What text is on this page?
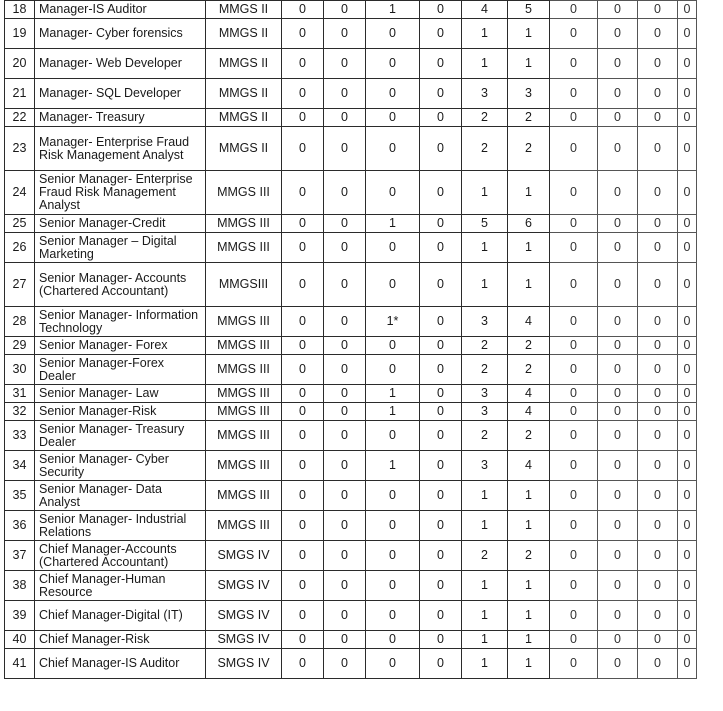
18	Manager-IS Auditor	MMGS II	0	0	1	0	4	5	0	0	0	0	
19	Manager- Cyber forensics	MMGS II	0	0	0	0	1	1	0	0	0	0	
20	Manager- Web Developer	MMGS II	0	0	0	0	1	1	0	0	0	0	
21	Manager- SQL Developer	MMGS II	0	0	0	0	3	3	0	0	0	0	
22	Manager- Treasury	MMGS II	0	0	0	0	2	2	0	0	0	0	
23	Manager- Enterprise Fraud Risk Management Analyst	MMGS II	0	0	0	0	2	2	0	0	0	0	
24	Senior Manager- Enterprise Fraud Risk Management Analyst	MMGS III	0	0	0	0	1	1	0	0	0	0	
25	Senior Manager-Credit	MMGS III	0	0	1	0	5	6	0	0	0	0	
26	Senior Manager – Digital Marketing	MMGS III	0	0	0	0	1	1	0	0	0	0	
27	Senior Manager- Accounts (Chartered Accountant)	MMGSIII	0	0	0	0	1	1	0	0	0	0	
28	Senior Manager- Information Technology	MMGS III	0	0	1*	0	3	4	0	0	0	0	
29	Senior Manager- Forex	MMGS III	0	0	0	0	2	2	0	0	0	0	
30	Senior Manager-Forex Dealer	MMGS III	0	0	0	0	2	2	0	0	0	0	
31	Senior Manager- Law	MMGS III	0	0	1	0	3	4	0	0	0	0	
32	Senior Manager-Risk	MMGS III	0	0	1	0	3	4	0	0	0	0	
33	Senior Manager- Treasury Dealer	MMGS III	0	0	0	0	2	2	0	0	0	0	
34	Senior Manager- Cyber Security	MMGS III	0	0	1	0	3	4	0	0	0	0	
35	Senior Manager- Data Analyst	MMGS III	0	0	0	0	1	1	0	0	0	0	
36	Senior Manager- Industrial Relations	MMGS III	0	0	0	0	1	1	0	0	0	0	
37	Chief Manager-Accounts (Chartered Accountant)	SMGS IV	0	0	0	0	2	2	0	0	0	0	
38	Chief Manager-Human Resource	SMGS IV	0	0	0	0	1	1	0	0	0	0	
39	Chief Manager-Digital (IT)	SMGS IV	0	0	0	0	1	1	0	0	0	0	
40	Chief Manager-Risk	SMGS IV	0	0	0	0	1	1	0	0	0	0	
41	Chief Manager-IS Auditor	SMGS IV	0	0	0	0	1	1	0	0	0	0	
